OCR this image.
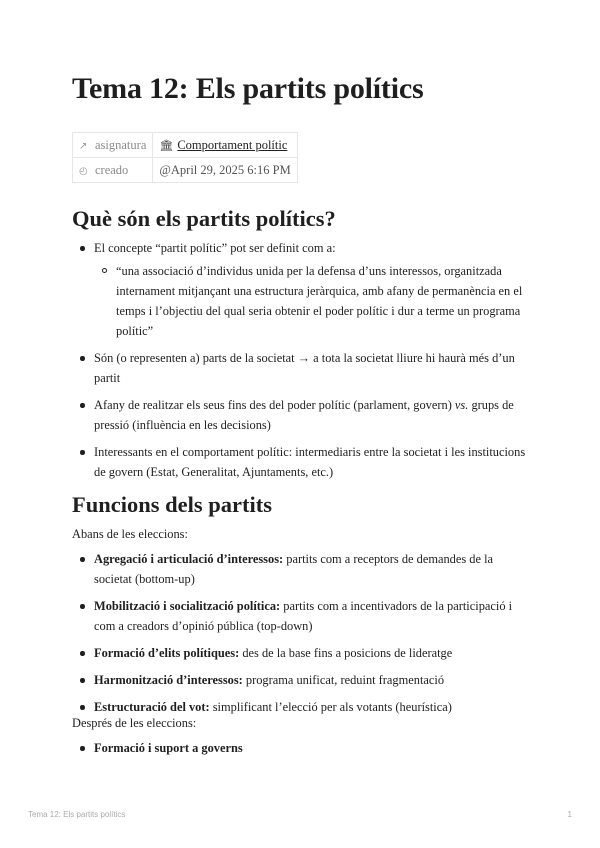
Tema 12: Els partits polítics
↗ asignatura	🏛 Comportament polític
◴ creado	@April 29, 2025 6:16 PM
Què són els partits polítics?
El concepte “partit polític” pot ser definit com a:
“una associació d’individus unida per la defensa d’uns interessos, organitzada internament mitjançant una estructura jeràrquica, amb afany de permanència en el temps i l’objectiu del qual seria obtenir el poder polític i dur a terme un programa polític”
Són (o representen a) parts de la societat → a tota la societat lliure hi haurà més d’un partit
Afany de realitzar els seus fins des del poder polític (parlament, govern) vs. grups de pressió (influència en les decisions)
Interessants en el comportament polític: intermediaris entre la societat i les institucions de govern (Estat, Generalitat, Ajuntaments, etc.)
Funcions dels partits

Abans de les eleccions:

Agregació i articulació d’interessos: partits com a receptors de demandes de la societat (bottom-up)
Mobilització i socialització política: partits com a incentivadors de la participació i com a creadors d’opinió pública (top-down)
Formació d’elits polítiques: des de la base fins a posicions de lideratge
Harmonització d’interessos: programa unificat, reduint fragmentació
Estructuració del vot: simplificant l’elecció per als votants (heurística)

Després de les eleccions:

Formació i suport a governs
Tema 12: Els partits polítics	1
